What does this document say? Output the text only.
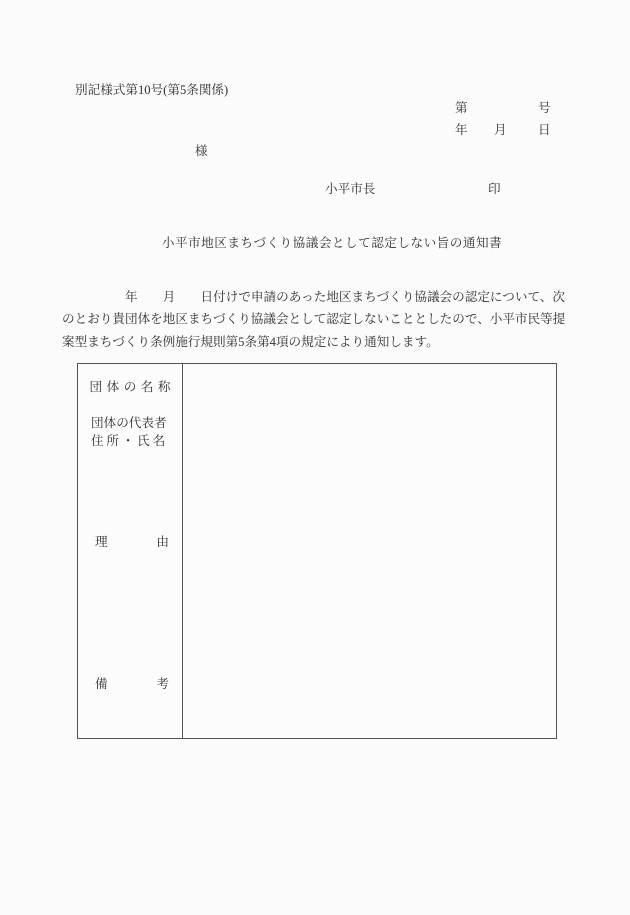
別記様式第10号(第5条関係)
第	号
年 月 日
様
小平市長	印
小平市地区まちづくり協議会として認定しない旨の通知書
　　　　　年　　月　　日付けで申請のあった地区まちづくり協議会の認定について、次
のとおり貴団体を地区まちづくり協議会として認定しないこととしたので、小平市民等提
案型まちづくり条例施行規則第5条第4項の規定により通知します。
団体の名称
団体の代表者
住所・氏名
理	由
備	考
